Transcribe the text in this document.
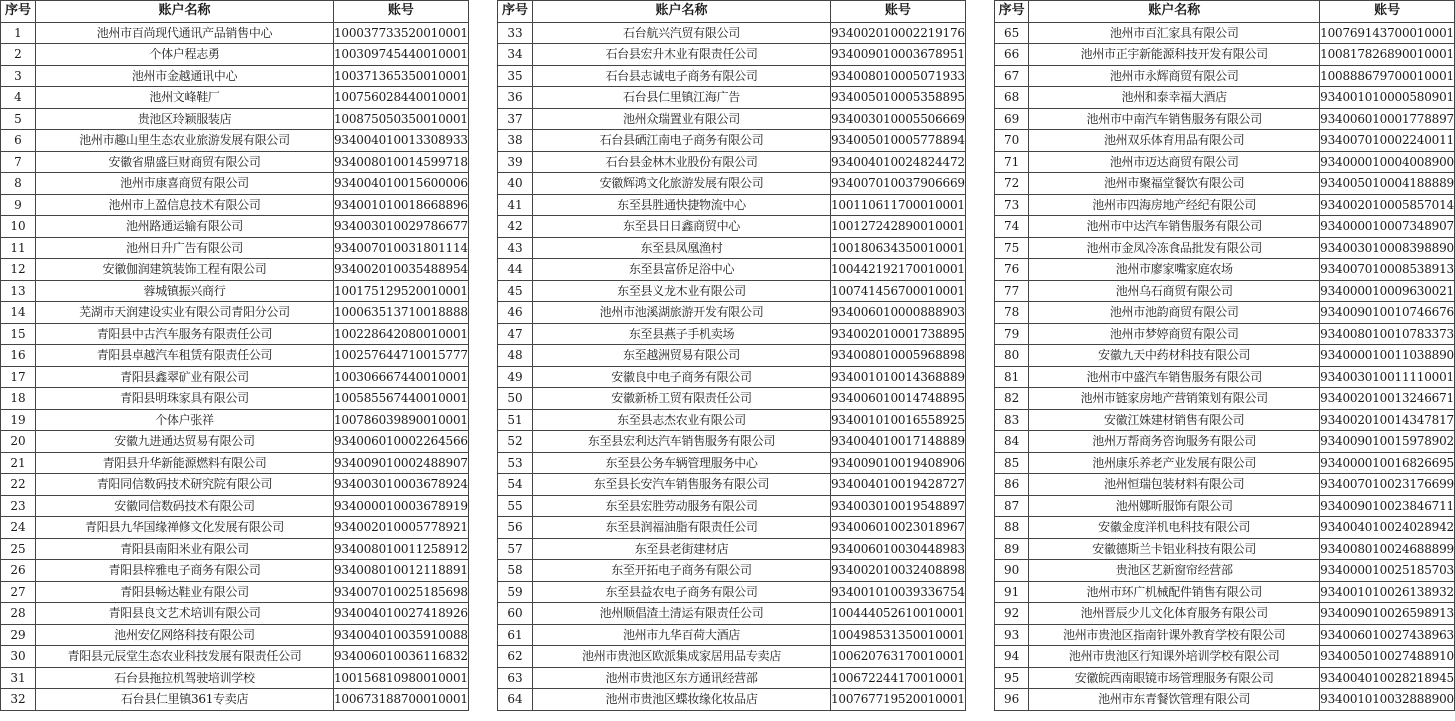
序号	账户名称	账号
1	池州市百尚现代通讯产品销售中心	100037733520010001
2	个体户程志勇	100309745440010001
3	池州市金越通讯中心	100371365350010001
4	池州文峰鞋厂	100756028440010001
5	贵池区玲颖服装店	100875050350010001
6	池州市趣山里生态农业旅游发展有限公司	934004010013308933
7	安徽省鼎盛巨财商贸有限公司	934008010014599718
8	池州市康喜商贸有限公司	934004010015600006
9	池州市上盈信息技术有限公司	934001010018668896
10	池州路通运输有限公司	934003010029786677
11	池州日升广告有限公司	934007010031801114
12	安徽伽润建筑装饰工程有限公司	934002010035488954
13	蓉城镇振兴商行	100175129520010001
14	芜湖市天润建设实业有限公司青阳分公司	100063513710018888
15	青阳县中古汽车服务有限责任公司	100228642080010001
16	青阳县卓越汽车租赁有限责任公司	100257644710015777
17	青阳县鑫翠矿业有限公司	100306667440010001
18	青阳县明珠家具有限公司	100585567440010001
19	个体户张祥	100786039890010001
20	安徽九进通达贸易有限公司	934006010002264566
21	青阳县升华新能源燃料有限公司	934009010002488907
22	青阳同信数码技术研究院有限公司	934003010003678924
23	安徽同信数码技术有限公司	934000010003678919
24	青阳县九华国缘禅修文化发展有限公司	934002010005778921
25	青阳县南阳米业有限公司	934008010011258912
26	青阳县梓雅电子商务有限公司	934008010012118891
27	青阳县畅达鞋业有限公司	934007010025185698
28	青阳县良文艺术培训有限公司	934004010027418926
29	池州安亿网络科技有限公司	934004010035910088
30	青阳县元辰堂生态农业科技发展有限责任公司	934006010036116832
31	石台县拖拉机驾驶培训学校	100156810980010001
32	石台县仁里镇361专卖店	100673188700010001
序号	账户名称	账号
33	石台航兴汽贸有限公司	934002010002219176
34	石台县宏升木业有限责任公司	934009010003678951
35	石台县志诚电子商务有限公司	934008010005071933
36	石台县仁里镇江海广告	934005010005358895
37	池州众瑞置业有限公司	934003010005506669
38	石台县硒江南电子商务有限公司	934005010005778894
39	石台县金林木业股份有限公司	934004010024824472
40	安徽辉鸿文化旅游发展有限公司	934007010037906669
41	东至县胜通快捷物流中心	100110611700010001
42	东至县日日鑫商贸中心	100127242890010001
43	东至县凤凰渔村	100180634350010001
44	东至县富侨足浴中心	100442192170010001
45	东至县义龙木业有限公司	100741456700010001
46	池州市池溪湖旅游开发有限公司	934006010000888903
47	东至县燕子手机卖场	934002010001738895
48	东至越洲贸易有限公司	934008010005968898
49	安徽良中电子商务有限公司	934001010014368889
50	安徽新桥工贸有限责任公司	934006010014748895
51	东至县志杰农业有限公司	934001010016558925
52	东至县宏利达汽车销售服务有限公司	934004010017148889
53	东至县公务车辆管理服务中心	934009010019408906
54	东至县长安汽车销售服务有限公司	934004010019428727
55	东至县宏胜劳动服务有限公司	934003010019548897
56	东至县润福油脂有限责任公司	934006010023018967
57	东至县老街建材店	934006010030448983
58	东至开拓电子商务有限公司	934002010032408898
59	东至县益农电子商务有限公司	934001010039336754
60	池州顺倡渣土清运有限责任公司	100444052610010001
61	池州市九华百荷大酒店	100498531350010001
62	池州市贵池区欧派集成家居用品专卖店	100620763170010001
63	池州市贵池区东方通讯经营部	100672244170010001
64	池州市贵池区蝶妆缘化妆品店	100767719520010001
序号	账户名称	账号
65	池州市百汇家具有限公司	100769143700010001
66	池州市正宇新能源科技开发有限公司	100817826890010001
67	池州市永辉商贸有限公司	100888679700010001
68	池州和泰幸福大酒店	934001010000580901
69	池州市中南汽车销售服务有限公司	934006010001778897
70	池州双乐体育用品有限公司	934007010002240011
71	池州市迈达商贸有限公司	934000010004008900
72	池州市聚福堂餐饮有限公司	934005010004188889
73	池州市四海房地产经纪有限公司	934002010005857014
74	池州市中达汽车销售服务有限公司	934000010007348907
75	池州市金凤冷冻食品批发有限公司	934003010008398890
76	池州市廖家嘴家庭农场	934007010008538913
77	池州乌石商贸有限公司	934000010009630021
78	池州市池韵商贸有限公司	934009010010746676
79	池州市梦婷商贸有限公司	934008010010783373
80	安徽九天中药材科技有限公司	934000010011038890
81	池州市中盛汽车销售服务有限公司	934003010011110001
82	池州市链家房地产营销策划有限公司	934002010013246671
83	安徽江姝建材销售有限公司	934002010014347817
84	池州万帮商务咨询服务有限公司	934009010015978902
85	池州康乐养老产业发展有限公司	934000010016826695
86	池州恒瑞包装材料有限公司	934007010023176699
87	池州娜昕服饰有限公司	934009010023846711
88	安徽金度洋机电科技有限公司	934004010024028942
89	安徽德斯兰卡铝业科技有限公司	934008010024688899
90	贵池区艺新窗帘经营部	934000010025185703
91	池州市环广机械配件销售有限公司	934001010026138932
92	池州晋辰少儿文化体育服务有限公司	934009010026598913
93	池州市贵池区指南针课外教育学校有限公司	934006010027438963
94	池州市贵池区行知课外培训学校有限公司	934005010027488910
95	安徽皖西南眼镜市场管理服务有限公司	934004010028218945
96	池州市东青餐饮管理有限公司	934001010032888900
